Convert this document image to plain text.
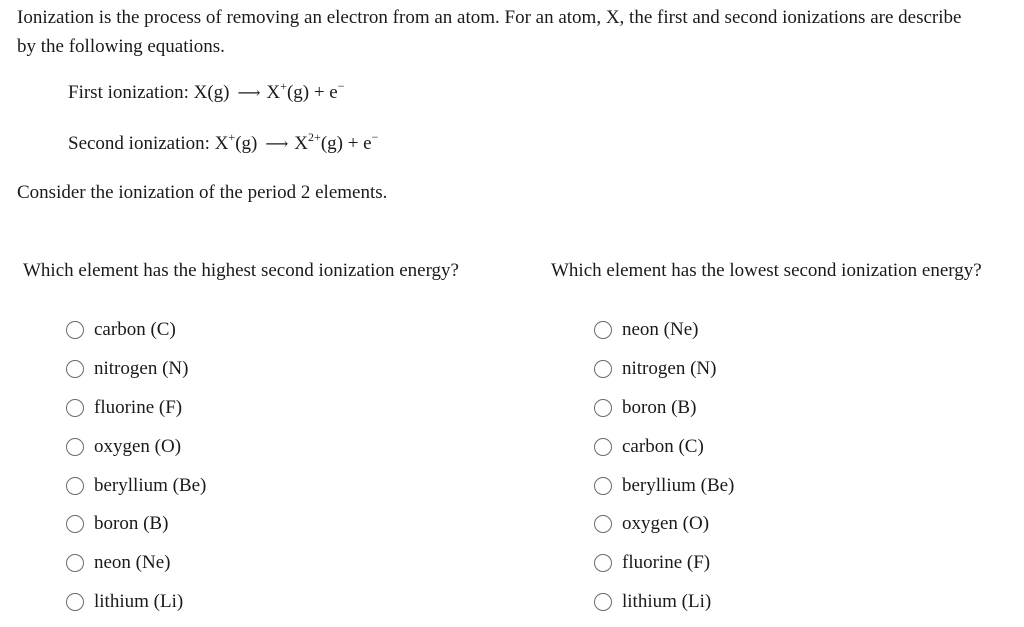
Ionization is the process of removing an electron from an atom. For an atom, X, the first and second ionizations are describe
by the following equations.
First ionization: X(g) ⟶ X+(g) + e−
Second ionization: X+(g) ⟶ $X^{2+}(g) + e^-$
Consider the ionization of the period 2 elements.
Which element has the highest second ionization energy?	Which element has the lowest second ionization energy?
carbon (C)
nitrogen (N)
fluorine (F)
oxygen (O)
beryllium (Be)
boron (B)
neon (Ne)
lithium (Li)
neon (Ne)
nitrogen (N)
boron (B)
carbon (C)
beryllium (Be)
oxygen (O)
fluorine (F)
lithium (Li)
